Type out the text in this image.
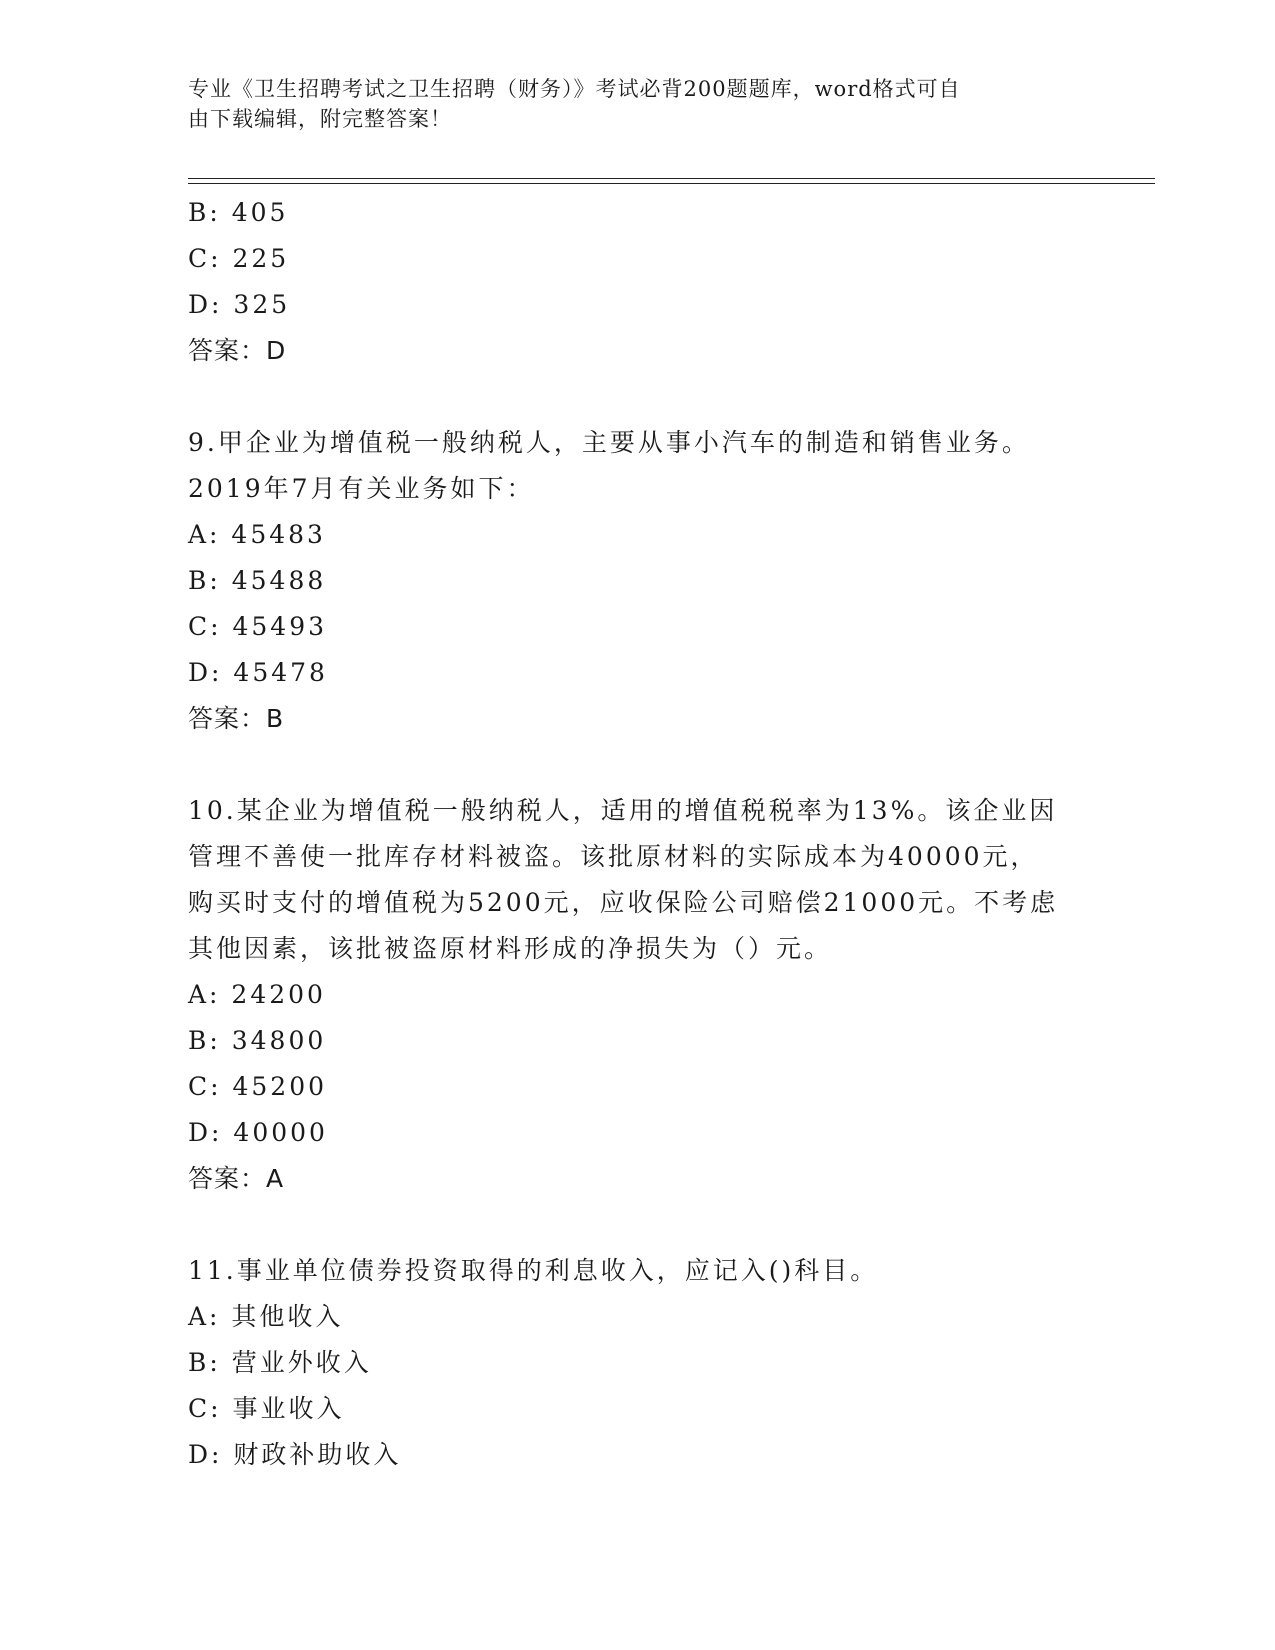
专业《卫生招聘考试之卫生招聘（财务）》考试必背200题题库，word格式可自
由下载编辑，附完整答案！
B: 405
C: 225
D: 325
答案：D
9.甲企业为增值税一般纳税人，主要从事小汽车的制造和销售业务。
2019年7月有关业务如下：
A: 45483
B: 45488
C: 45493
D: 45478
答案：B
10.某企业为增值税一般纳税人，适用的增值税税率为13%。该企业因
管理不善使一批库存材料被盗。该批原材料的实际成本为40000元，
购买时支付的增值税为5200元，应收保险公司赔偿21000元。不考虑
其他因素，该批被盗原材料形成的净损失为（）元。
A: 24200
B: 34800
C: 45200
D: 40000
答案：A
11.事业单位债券投资取得的利息收入，应记入()科目。
A: 其他收入
B: 营业外收入
C: 事业收入
D: 财政补助收入
